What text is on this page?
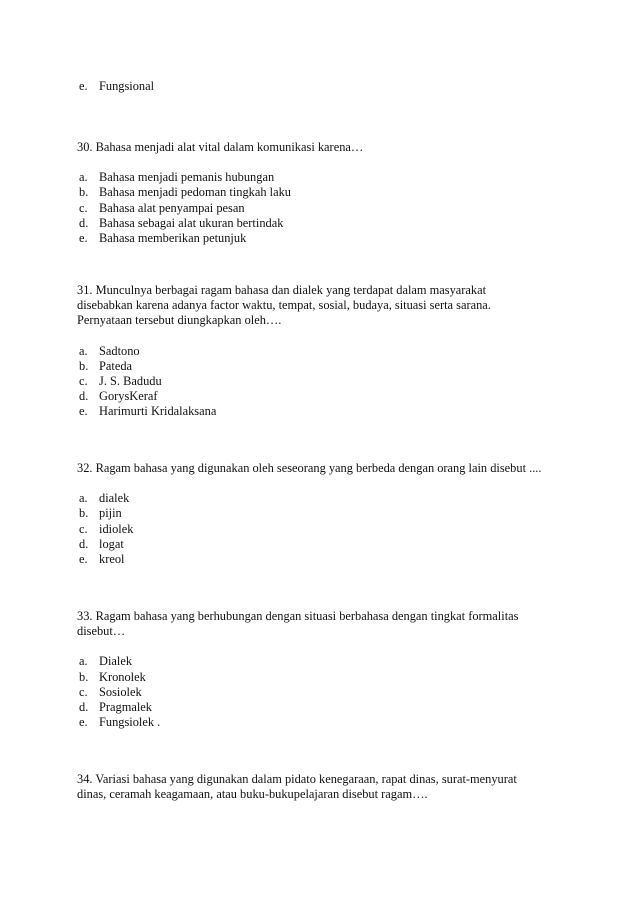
e. Fungsional

30. Bahasa menjadi alat vital dalam komunikasi karena…

a. Bahasa menjadi pemanis hubungan
b. Bahasa menjadi pedoman tingkah laku
c. Bahasa alat penyampai pesan
d. Bahasa sebagai alat ukuran bertindak
e. Bahasa memberikan petunjuk

31. Munculnya berbagai ragam bahasa dan dialek yang terdapat dalam masyarakat
disebabkan karena adanya factor waktu, tempat, sosial, budaya, situasi serta sarana.
Pernyataan tersebut diungkapkan oleh….

a. Sadtono
b. Pateda
c. J. S. Badudu
d. GorysKeraf
e. Harimurti Kridalaksana

32. Ragam bahasa yang digunakan oleh seseorang yang berbeda dengan orang lain disebut ....

a. dialek
b. pijin
c. idiolek
d. logat
e. kreol

33. Ragam bahasa yang berhubungan dengan situasi berbahasa dengan tingkat formalitas
disebut…

a. Dialek
b. Kronolek
c. Sosiolek
d. Pragmalek
e. Fungsiolek .

34. Variasi bahasa yang digunakan dalam pidato kenegaraan, rapat dinas, surat-menyurat
dinas, ceramah keagamaan, atau buku-bukupelajaran disebut ragam….
